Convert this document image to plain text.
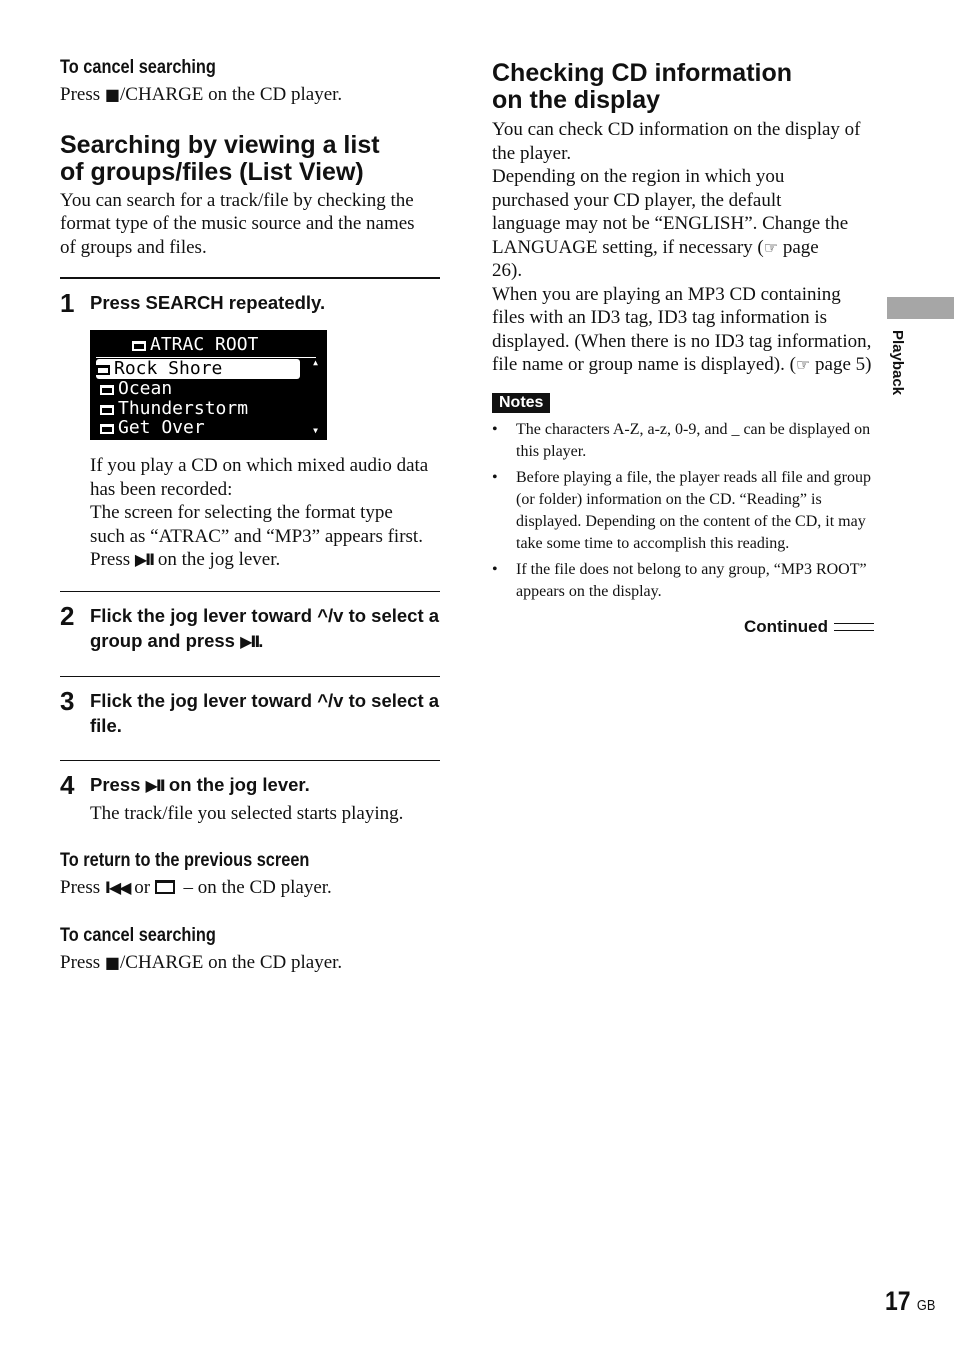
To cancel searching

Press ■/CHARGE on the CD player.

Searching by viewing a list

of groups/files (List View)

You can search for a track/file by checking the format type of the music source and the names of groups and files.

1 Press SEARCH repeatedly.
ATRAC ROOT
Rock Shore
Ocean
Thunderstorm
Get Over
▲
▼

If you play a CD on which mixed audio data has been recorded:

The screen for selecting the format type such as “ATRAC” and “MP3” appears first.

Press ▶II on the jog lever.

2 Flick the jog lever toward ^/v to select a group and press ▶II.
3 Flick the jog lever toward ^/v to select a file.
4 Press ▶II on the jog lever.

The track/file you selected starts playing.

To return to the previous screen

Press I◀◀ or  – on the CD player.

To cancel searching

Press ■/CHARGE on the CD player.

Checking CD information

on the display

You can check CD information on the display of the player.

Depending on the region in which you purchased your CD player, the default language may not be “ENGLISH”. Change the LANGUAGE setting, if necessary (☞ page 26).

When you are playing an MP3 CD containing files with an ID3 tag, ID3 tag information is displayed. (When there is no ID3 tag information, file name or group name is displayed). (☞ page 5)

Notes
• The characters A-Z, a-z, 0-9, and _ can be displayed on this player.
• Before playing a file, the player reads all file and group (or folder) information on the CD. “Reading” is displayed. Depending on the content of the CD, it may take some time to accomplish this reading.
• If the file does not belong to any group, “MP3 ROOT” appears on the display.
Continued
Playback
17 GB
